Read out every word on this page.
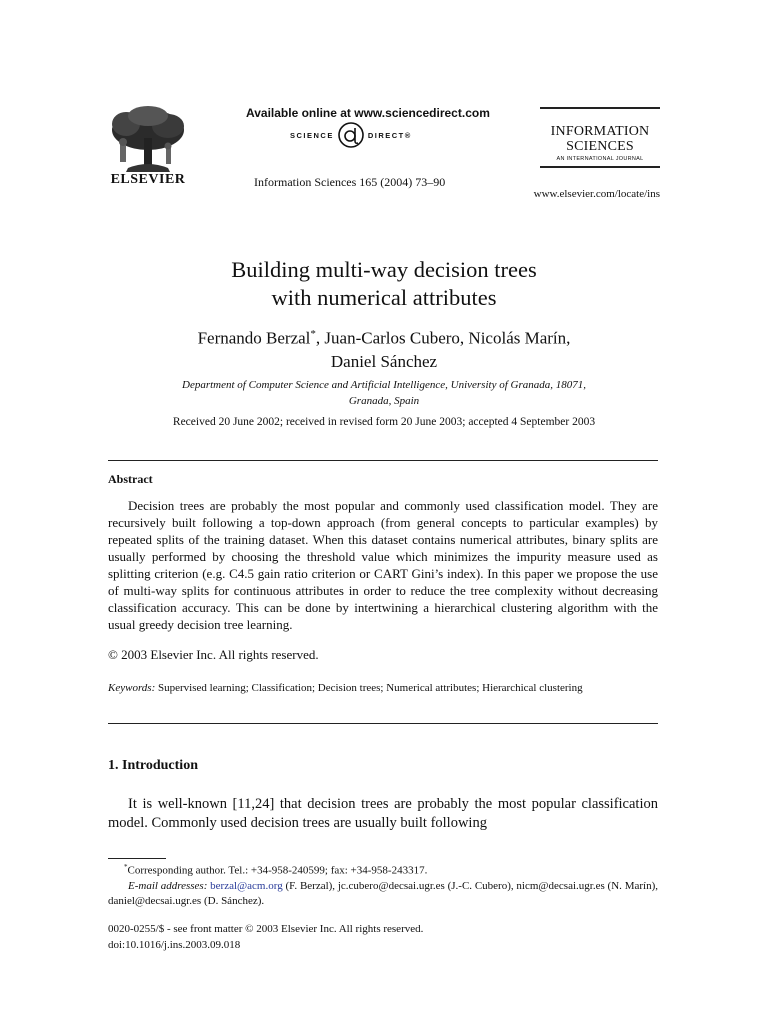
ELSEVIER
Available online at www.sciencedirect.com
SCIENCE	DIRECT ®
Information Sciences 165 (2004) 73–90
INFORMATION
SCIENCES
AN INTERNATIONAL JOURNAL
www.elsevier.com/locate/ins
Building multi-way decision trees
with numerical attributes
Fernando Berzal*, Juan-Carlos Cubero, Nicolás Marín,
Daniel Sánchez
Department of Computer Science and Artificial Intelligence, University of Granada, 18071,
Granada, Spain
Received 20 June 2002; received in revised form 20 June 2003; accepted 4 September 2003
Abstract
Decision trees are probably the most popular and commonly used classification model. They are recursively built following a top-down approach (from general concepts to particular examples) by repeated splits of the training dataset. When this dataset contains numerical attributes, binary splits are usually performed by choosing the threshold value which minimizes the impurity measure used as splitting criterion (e.g. C4.5 gain ratio criterion or CART Gini’s index). In this paper we propose the use of multi-way splits for continuous attributes in order to reduce the tree complexity without decreasing classification accuracy. This can be done by intertwining a hierarchical clustering algorithm with the usual greedy decision tree learning.
© 2003 Elsevier Inc. All rights reserved.
Keywords: Supervised learning; Classification; Decision trees; Numerical attributes; Hierarchical clustering
1. Introduction
It is well-known [11,24] that decision trees are probably the most popular classification model. Commonly used decision trees are usually built following
*Corresponding author. Tel.: +34-958-240599; fax: +34-958-243317.
E-mail addresses: berzal@acm.org (F. Berzal), jc.cubero@decsai.ugr.es (J.-C. Cubero), nicm@decsai.ugr.es (N. Marín), daniel@decsai.ugr.es (D. Sánchez).
0020-0255/$ - see front matter © 2003 Elsevier Inc. All rights reserved.
doi:10.1016/j.ins.2003.09.018
